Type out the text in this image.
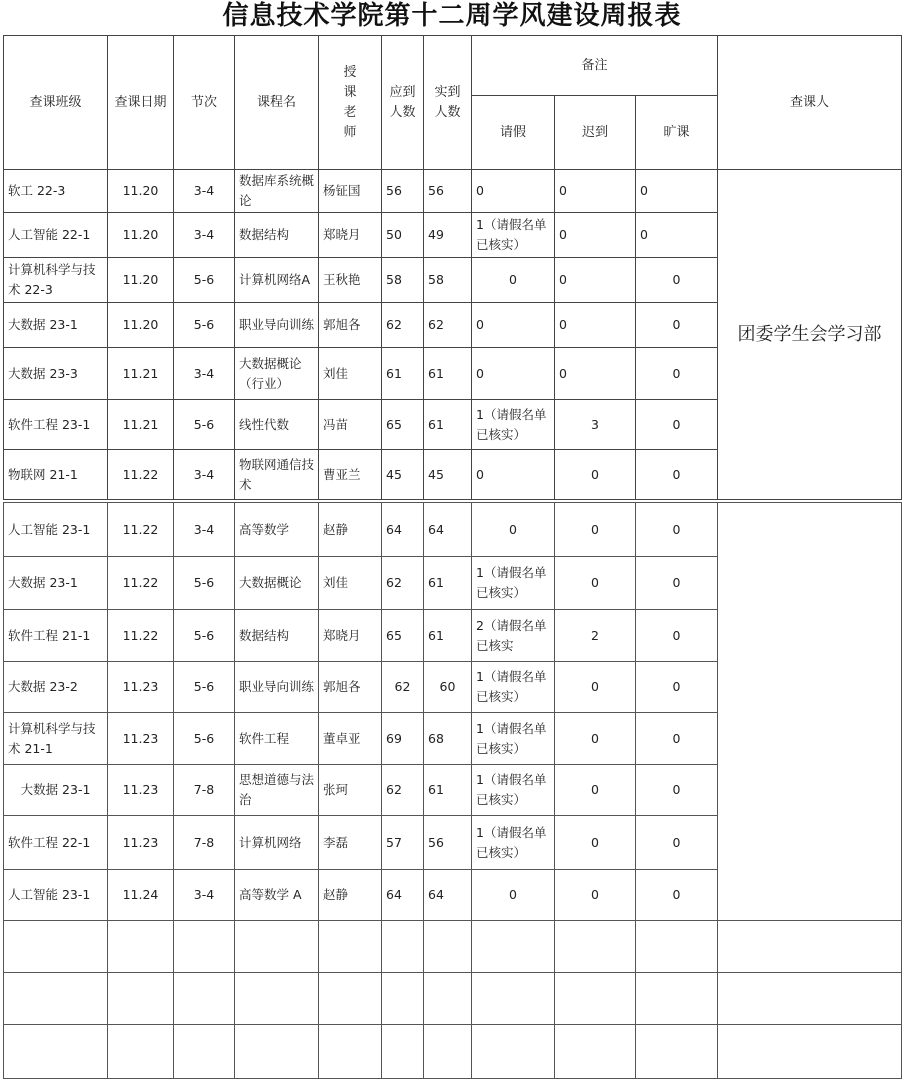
信息技术学院第十二周学风建设周报表
查课班级	查课日期	节次	课程名	授课老师	应到人数	实到人数	备注			查课人
							请假	迟到	旷课	
软工 22-3	11.20	3-4	数据库系统概论	杨钲国	56	56	0	0	0	团委学生会学习部
人工智能 22-1	11.20	3-4	数据结构	郑晓月	50	49	1（请假名单已核实）	0	0	
计算机科学与技术 22-3	11.20	5-6	计算机网络A	王秋艳	58	58	0	0	0	
大数据 23-1	11.20	5-6	职业导向训练	郭旭各	62	62	0	0	0	
大数据 23-3	11.21	3-4	大数据概论（行业）	刘佳	61	61	0	0	0	
软件工程 23-1	11.21	5-6	线性代数	冯苗	65	61	1（请假名单已核实）	3	0	
物联网 21-1	11.22	3-4	物联网通信技术	曹亚兰	45	45	0	0	0	
人工智能 23-1	11.22	3-4	高等数学	赵静	64	64	0	0	0	
大数据 23-1	11.22	5-6	大数据概论	刘佳	62	61	1（请假名单已核实）	0	0	
软件工程 21-1	11.22	5-6	数据结构	郑晓月	65	61	2（请假名单已核实	2	0	
大数据 23-2	11.23	5-6	职业导向训练	郭旭各	62	60	1（请假名单已核实）	0	0	
计算机科学与技术 21-1	11.23	5-6	软件工程	董卓亚	69	68	1（请假名单已核实）	0	0	
大数据 23-1	11.23	7-8	思想道德与法治	张珂	62	61	1（请假名单已核实）	0	0	
软件工程 22-1	11.23	7-8	计算机网络	李磊	57	56	1（请假名单已核实）	0	0	
人工智能 23-1	11.24	3-4	高等数学 A	赵静	64	64	0	0	0	
